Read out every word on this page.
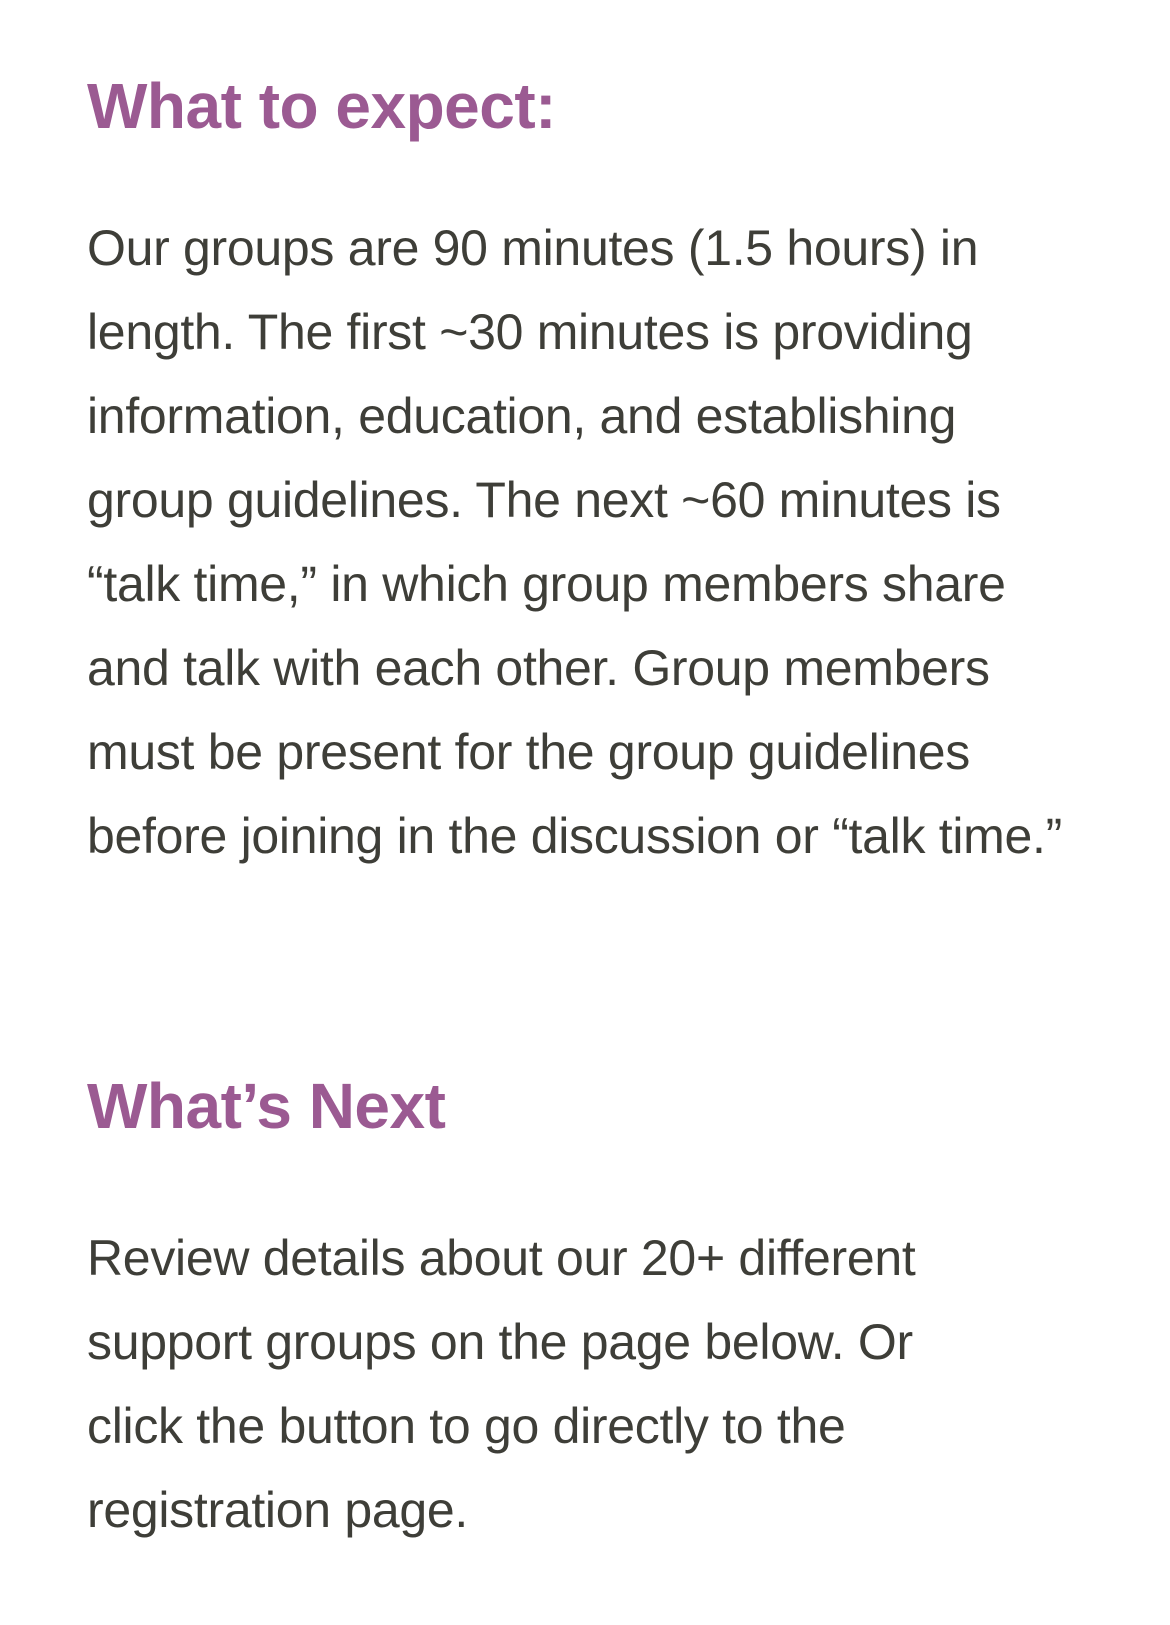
What to expect:

Our groups are 90 minutes (1.5 hours) in length. The first ~30 minutes is providing information, education, and establishing group guidelines. The next ~60 minutes is “talk time,” in which group members share and talk with each other. Group members must be present for the group guidelines before joining in the discussion or “talk time.”

What’s Next

Review details about our 20+ different support groups on the page below. Or click the button to go directly to the registration page.
